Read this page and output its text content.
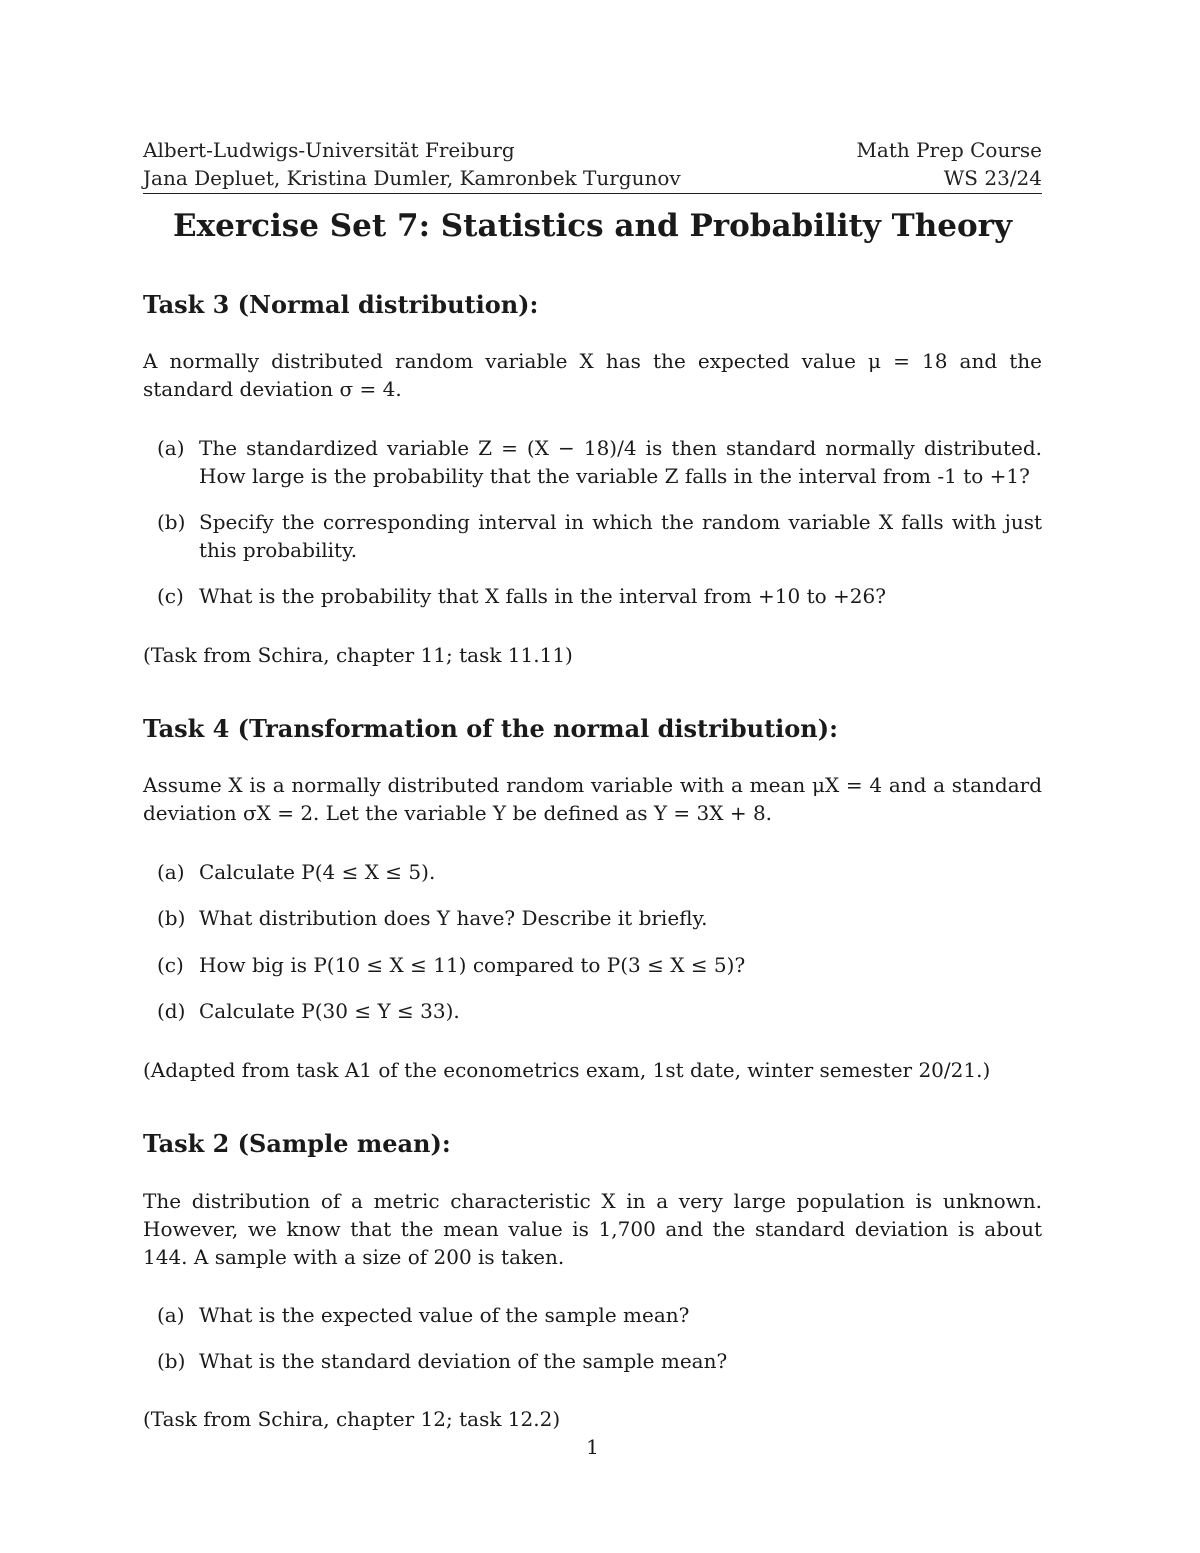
Albert-Ludwigs-Universität Freiburg	Math Prep Course
Jana Depluet, Kristina Dumler, Kamronbek Turgunov	WS 23/24
Exercise Set 7: Statistics and Probability Theory
Task 3 (Normal distribution):
A normally distributed random variable X has the expected value μ = 18 and the standard deviation σ = 4.
(a) The standardized variable Z = (X − 18)/4 is then standard normally distributed. How large is the probability that the variable Z falls in the interval from -1 to +1?
(b) Specify the corresponding interval in which the random variable X falls with just this probability.
(c) What is the probability that X falls in the interval from +10 to +26?
(Task from Schira, chapter 11; task 11.11)
Task 4 (Transformation of the normal distribution):
Assume X is a normally distributed random variable with a mean μX = 4 and a standard deviation σX = 2. Let the variable Y be defined as Y = 3X + 8.
(a) Calculate P(4 ≤ X ≤ 5).
(b) What distribution does Y have? Describe it briefly.
(c) How big is P(10 ≤ X ≤ 11) compared to P(3 ≤ X ≤ 5)?
(d) Calculate P(30 ≤ Y ≤ 33).
(Adapted from task A1 of the econometrics exam, 1st date, winter semester 20/21.)
Task 2 (Sample mean):
The distribution of a metric characteristic X in a very large population is unknown. However, we know that the mean value is 1,700 and the standard deviation is about 144. A sample with a size of 200 is taken.
(a) What is the expected value of the sample mean?
(b) What is the standard deviation of the sample mean?
(Task from Schira, chapter 12; task 12.2)
1
